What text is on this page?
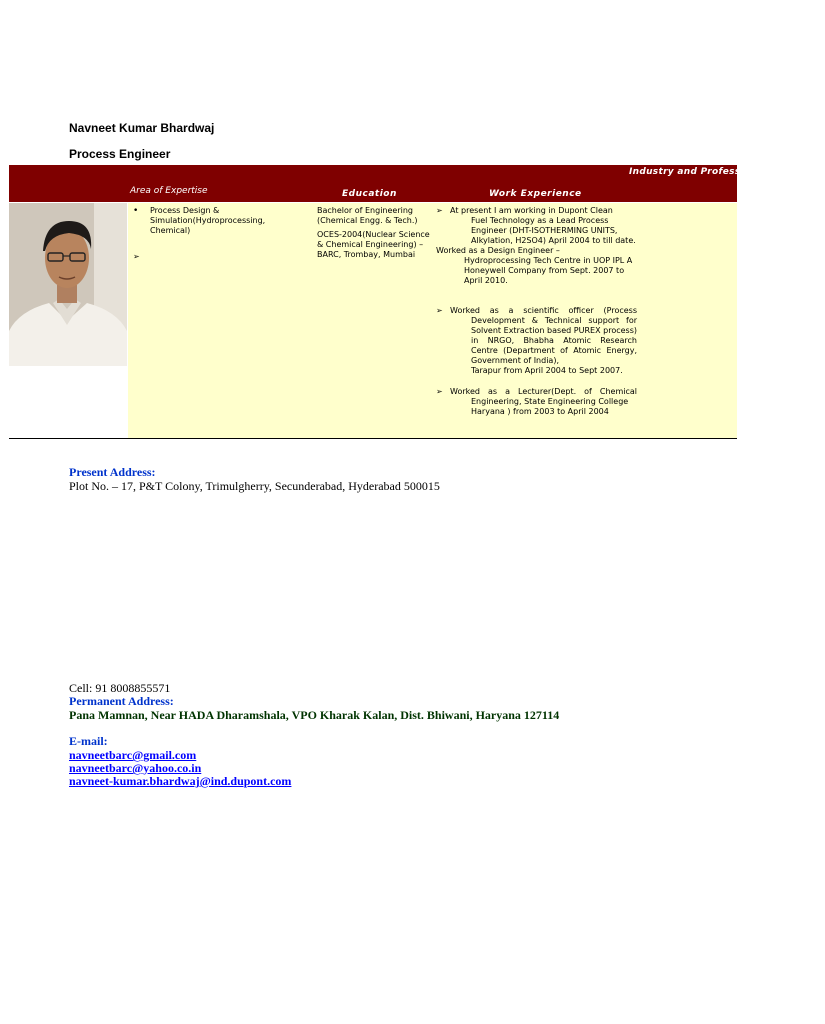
Navneet Kumar Bhardwaj
Process Engineer
Area of Expertise	Education	Work Experience
Industry and Professional Initiatives
• Process Design & Simulation(Hydroprocessing, Chemical)
➢
Bachelor of Engineering (Chemical Engg. & Tech.)
OCES-2004(Nuclear Science & Chemical Engineering) – BARC, Trombay, Mumbai
➢ At present I am working in Dupont Clean
Fuel Technology as a Lead Process Engineer (DHT-ISOTHERMING UNITS, Alkylation, H2SO4) April 2004 to till date.
Worked as a Design Engineer –
Hydroprocessing Tech Centre in UOP IPL A Honeywell Company from Sept. 2007 to April 2010.
➢ Worked as a scientific officer (Process
Development & Technical support for Solvent Extraction based PUREX process) in NRGO, Bhabha Atomic Research Centre (Department of Atomic Energy, Government of India),
Tarapur from April 2004 to Sept 2007.
➢ Worked as a Lecturer(Dept. of Chemical
Engineering, State Engineering College
Haryana ) from 2003 to April 2004
Present Address:
Plot No. – 17, P&T Colony, Trimulgherry, Secunderabad, Hyderabad 500015
Cell: 91 8008855571
Permanent Address:
Pana Mamnan, Near HADA Dharamshala, VPO Kharak Kalan, Dist. Bhiwani, Haryana 127114
E-mail:
navneetbarc@gmail.com
navneetbarc@yahoo.co.in
navneet-kumar.bhardwaj@ind.dupont.com
